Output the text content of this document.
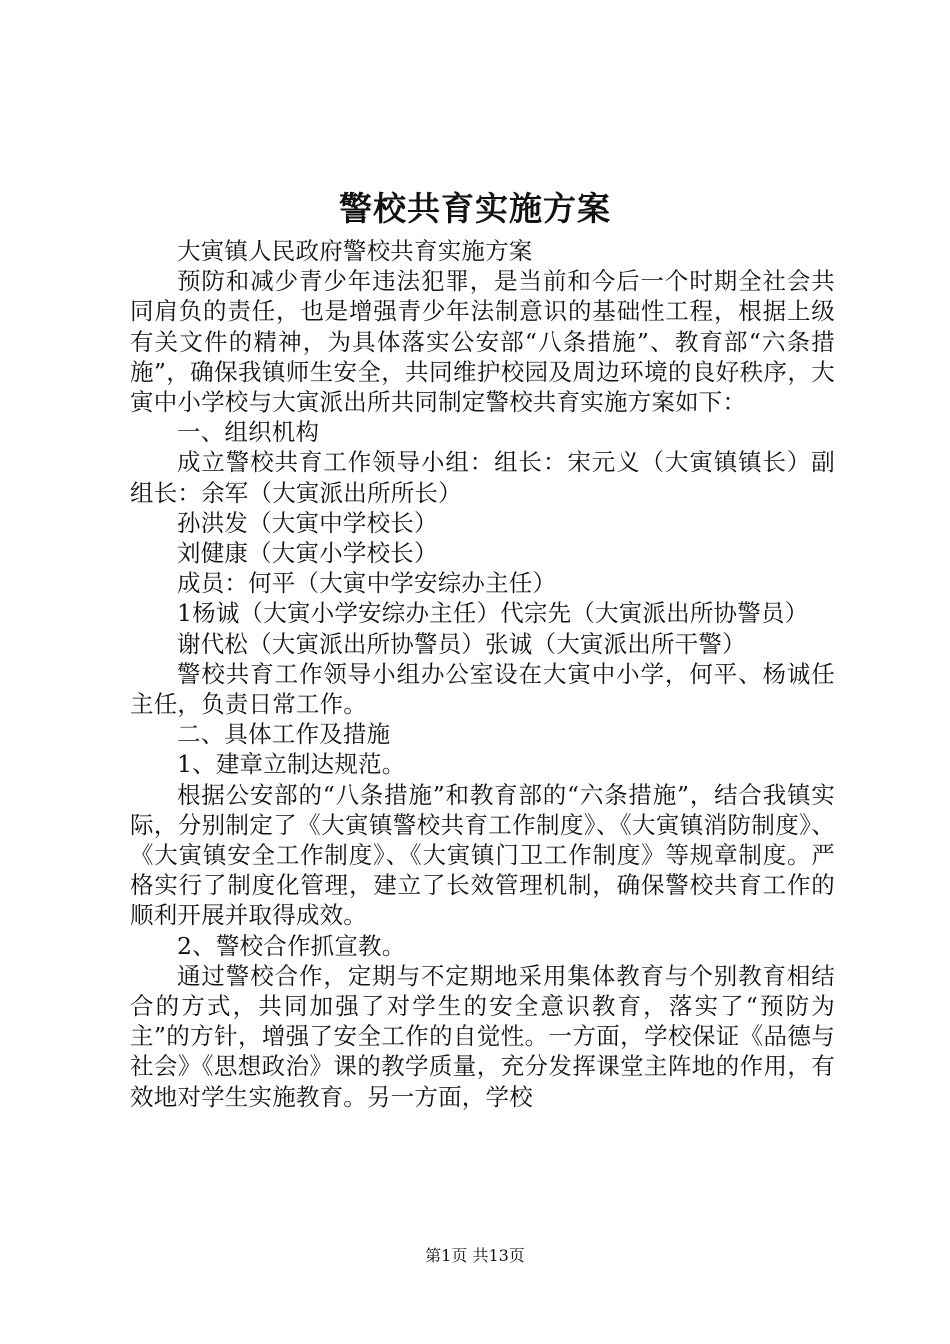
警校共育实施方案

大寅镇人民政府警校共育实施方案

预防和减少青少年违法犯罪，是当前和今后一个时期全社会共同肩负的责任，也是增强青少年法制意识的基础性工程，根据上级有关文件的精神，为具体落实公安部“八条措施”、教育部“六条措施”，确保我镇师生安全，共同维护校园及周边环境的良好秩序，大寅中小学校与大寅派出所共同制定警校共育实施方案如下：

一、组织机构

成立警校共育工作领导小组：组长：宋元义（大寅镇镇长）副组长：余军（大寅派出所所长）

孙洪发（大寅中学校长）

刘健康（大寅小学校长）

成员：何平（大寅中学安综办主任）

1杨诚（大寅小学安综办主任）代宗先（大寅派出所协警员）

谢代松（大寅派出所协警员）张诚（大寅派出所干警）

警校共育工作领导小组办公室设在大寅中小学，何平、杨诚任主任，负责日常工作。

二、具体工作及措施

1、建章立制达规范。

根据公安部的“八条措施”和教育部的“六条措施”，结合我镇实际，分别制定了《大寅镇警校共育工作制度》、《大寅镇消防制度》、《大寅镇安全工作制度》、《大寅镇门卫工作制度》等规章制度。严格实行了制度化管理，建立了长效管理机制，确保警校共育工作的顺利开展并取得成效。

2、警校合作抓宣教。

通过警校合作，定期与不定期地采用集体教育与个别教育相结合的方式，共同加强了对学生的安全意识教育，落实了“预防为主”的方针，增强了安全工作的自觉性。一方面，学校保证《品德与社会》《思想政治》课的教学质量，充分发挥课堂主阵地的作用，有效地对学生实施教育。另一方面，学校

第1页 共13页
